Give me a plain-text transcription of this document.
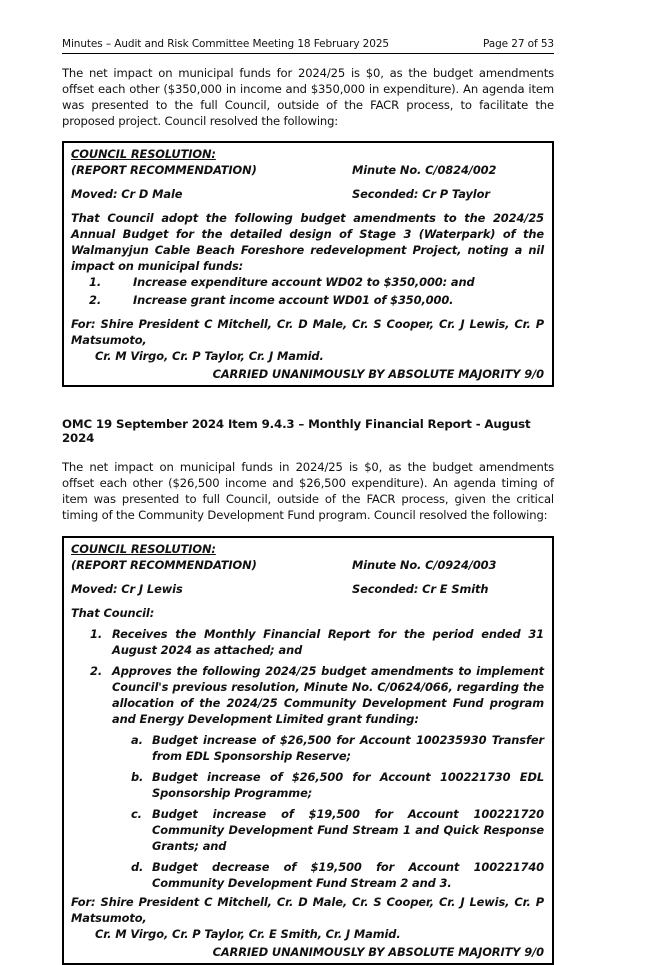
Minutes – Audit and Risk Committee Meeting 18 February 2025	Page 27 of 53

The net impact on municipal funds for 2024/25 is $0, as the budget amendments offset each other ($350,000 in income and $350,000 in expenditure). An agenda item was presented to the full Council, outside of the FACR process, to facilitate the proposed project. Council resolved the following:

COUNCIL RESOLUTION:
(REPORT RECOMMENDATION)	Minute No. C/0824/002
Moved: Cr D Male	Seconded: Cr P Taylor
That Council adopt the following budget amendments to the 2024/25 Annual Budget for the detailed design of Stage 3 (Waterpark) of the Walmanyjun Cable Beach Foreshore redevelopment Project, noting a nil impact on municipal funds:
1.	Increase expenditure account WD02 to $350,000: and
2.	Increase grant income account WD01 of $350,000.
For: Shire President C Mitchell, Cr. D Male, Cr. S Cooper, Cr. J Lewis, Cr. P Matsumoto,
Cr. M Virgo, Cr. P Taylor, Cr. J Mamid.
CARRIED UNANIMOUSLY BY ABSOLUTE MAJORITY 9/0
OMC 19 September 2024 Item 9.4.3 – Monthly Financial Report - August 2024

The net impact on municipal funds in 2024/25 is $0, as the budget amendments offset each other ($26,500 income and $26,500 expenditure). An agenda timing of item was presented to full Council, outside of the FACR process, given the critical timing of the Community Development Fund program. Council resolved the following:

COUNCIL RESOLUTION:
(REPORT RECOMMENDATION)	Minute No. C/0924/003
Moved: Cr J Lewis	Seconded: Cr E Smith
That Council:
1. Receives the Monthly Financial Report for the period ended 31 August 2024 as attached; and
2. Approves the following 2024/25 budget amendments to implement Council's previous resolution, Minute No. C/0624/066, regarding the allocation of the 2024/25 Community Development Fund program and Energy Development Limited grant funding:
a. Budget increase of $26,500 for Account 100235930 Transfer from EDL Sponsorship Reserve;
b. Budget increase of $26,500 for Account 100221730 EDL Sponsorship Programme;
c. Budget increase of $19,500 for Account 100221720 Community Development Fund Stream 1 and Quick Response Grants; and
d. Budget decrease of $19,500 for Account 100221740 Community Development Fund Stream 2 and 3.
For: Shire President C Mitchell, Cr. D Male, Cr. S Cooper, Cr. J Lewis, Cr. P Matsumoto,
Cr. M Virgo, Cr. P Taylor, Cr. E Smith, Cr. J Mamid.
CARRIED UNANIMOUSLY BY ABSOLUTE MAJORITY 9/0
